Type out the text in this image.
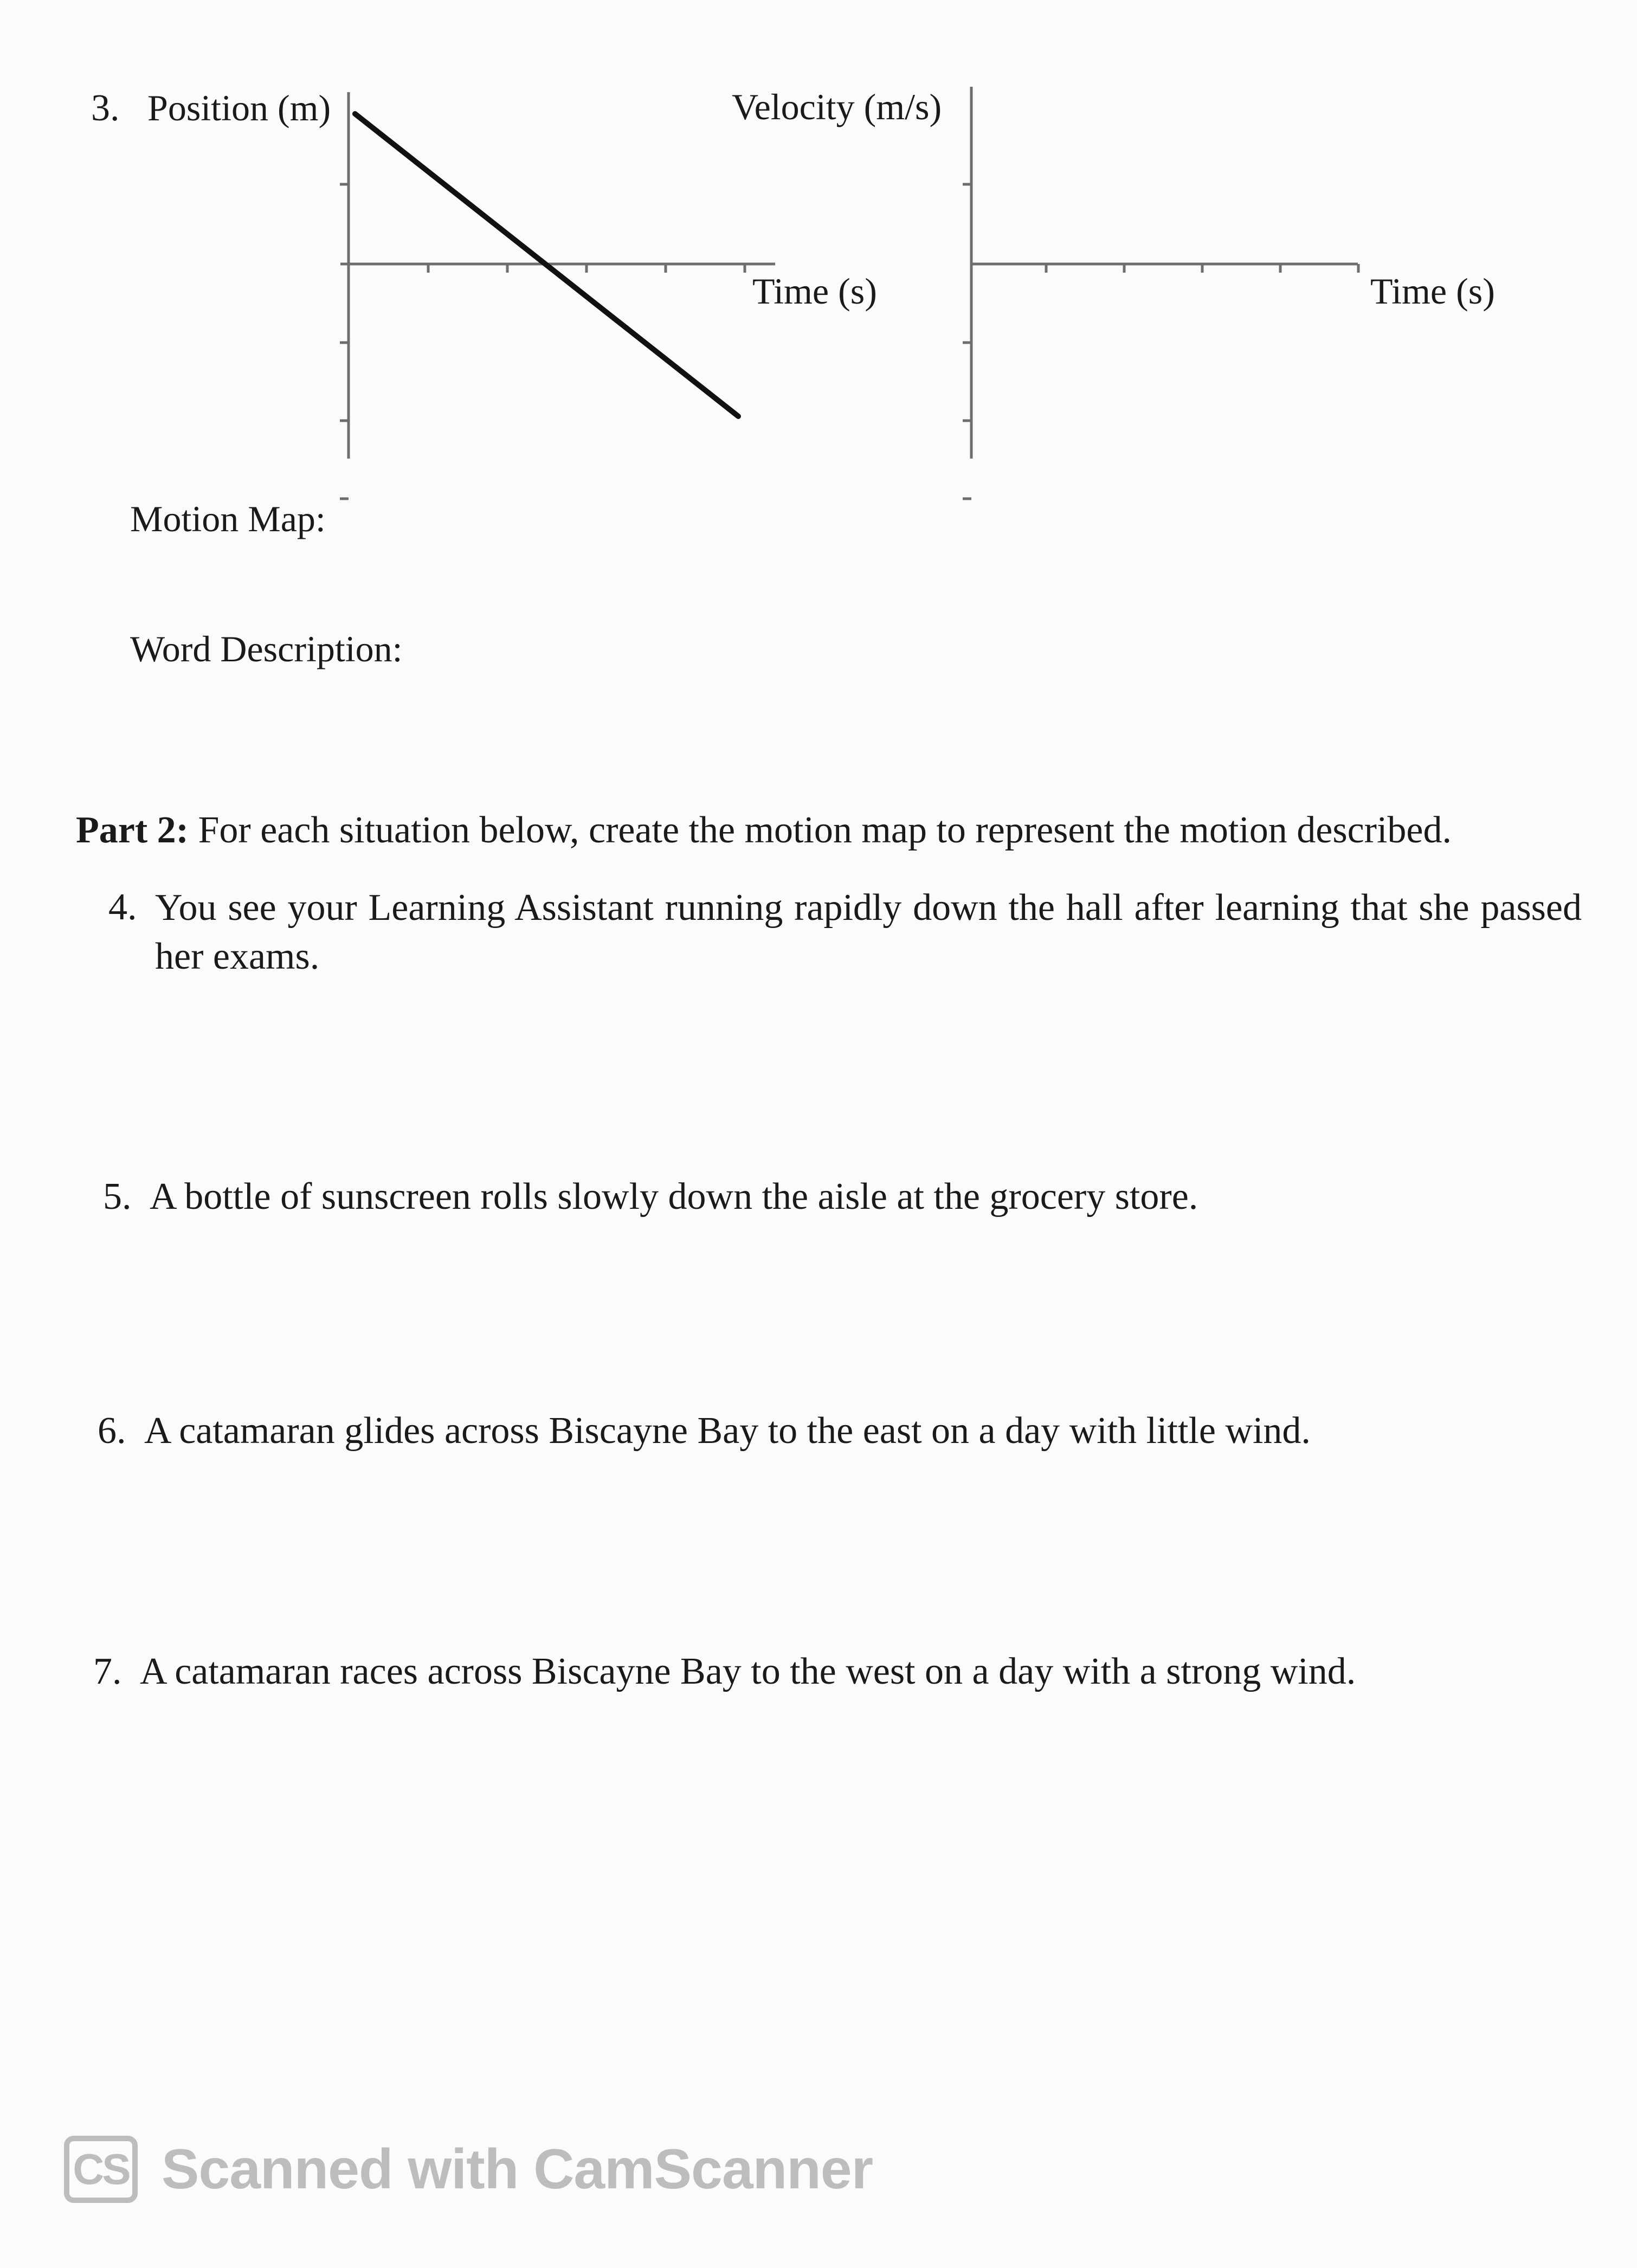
3. Position (m)
Time (s)
Velocity (m/s)
Time (s)
Motion Map:
Word Description:
Part 2: For each situation below, create the motion map to represent the motion described.
4. You see your Learning Assistant running rapidly down the hall after learning that she passed her exams.
5. A bottle of sunscreen rolls slowly down the aisle at the grocery store.
6. A catamaran glides across Biscayne Bay to the east on a day with little wind.
7. A catamaran races across Biscayne Bay to the west on a day with a strong wind.
CS Scanned with CamScanner
